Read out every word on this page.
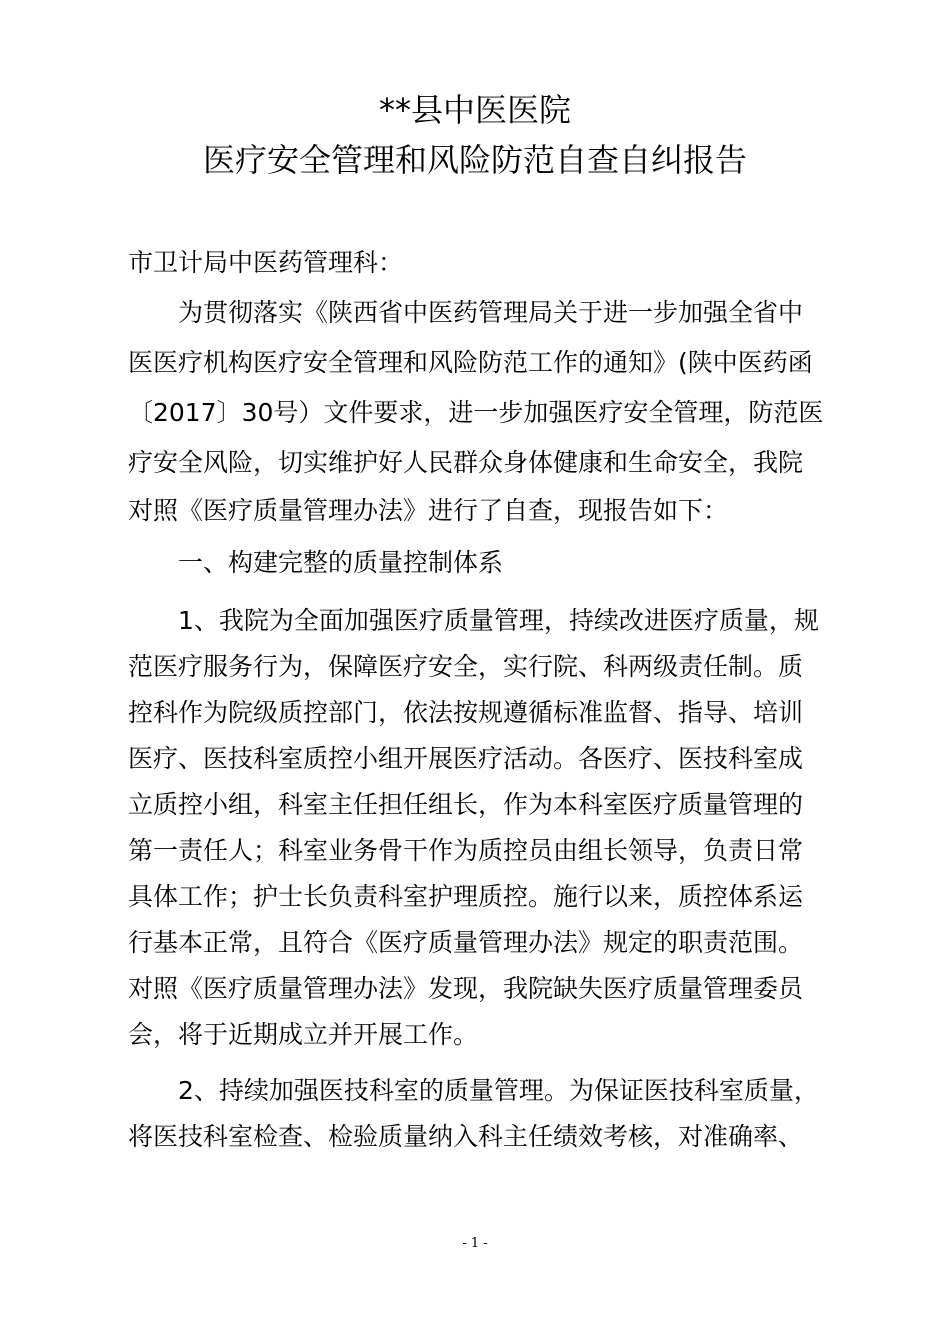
**县中医医院
医疗安全管理和风险防范自查自纠报告
市卫计局中医药管理科：
为贯彻落实《陕西省中医药管理局关于进一步加强全省中
医医疗机构医疗安全管理和风险防范工作的通知》(陕中医药函
〔2017〕30号）文件要求，进一步加强医疗安全管理，防范医
疗安全风险，切实维护好人民群众身体健康和生命安全，我院
对照《医疗质量管理办法》进行了自查，现报告如下：
一、构建完整的质量控制体系
1、我院为全面加强医疗质量管理，持续改进医疗质量，规
范医疗服务行为，保障医疗安全，实行院、科两级责任制。质
控科作为院级质控部门，依法按规遵循标准监督、指导、培训
医疗、医技科室质控小组开展医疗活动。各医疗、医技科室成
立质控小组，科室主任担任组长，作为本科室医疗质量管理的
第一责任人；科室业务骨干作为质控员由组长领导，负责日常
具体工作；护士长负责科室护理质控。施行以来，质控体系运
行基本正常，且符合《医疗质量管理办法》规定的职责范围。
对照《医疗质量管理办法》发现，我院缺失医疗质量管理委员
会，将于近期成立并开展工作。
2、持续加强医技科室的质量管理。为保证医技科室质量，
将医技科室检查、检验质量纳入科主任绩效考核，对准确率、
- 1 -
